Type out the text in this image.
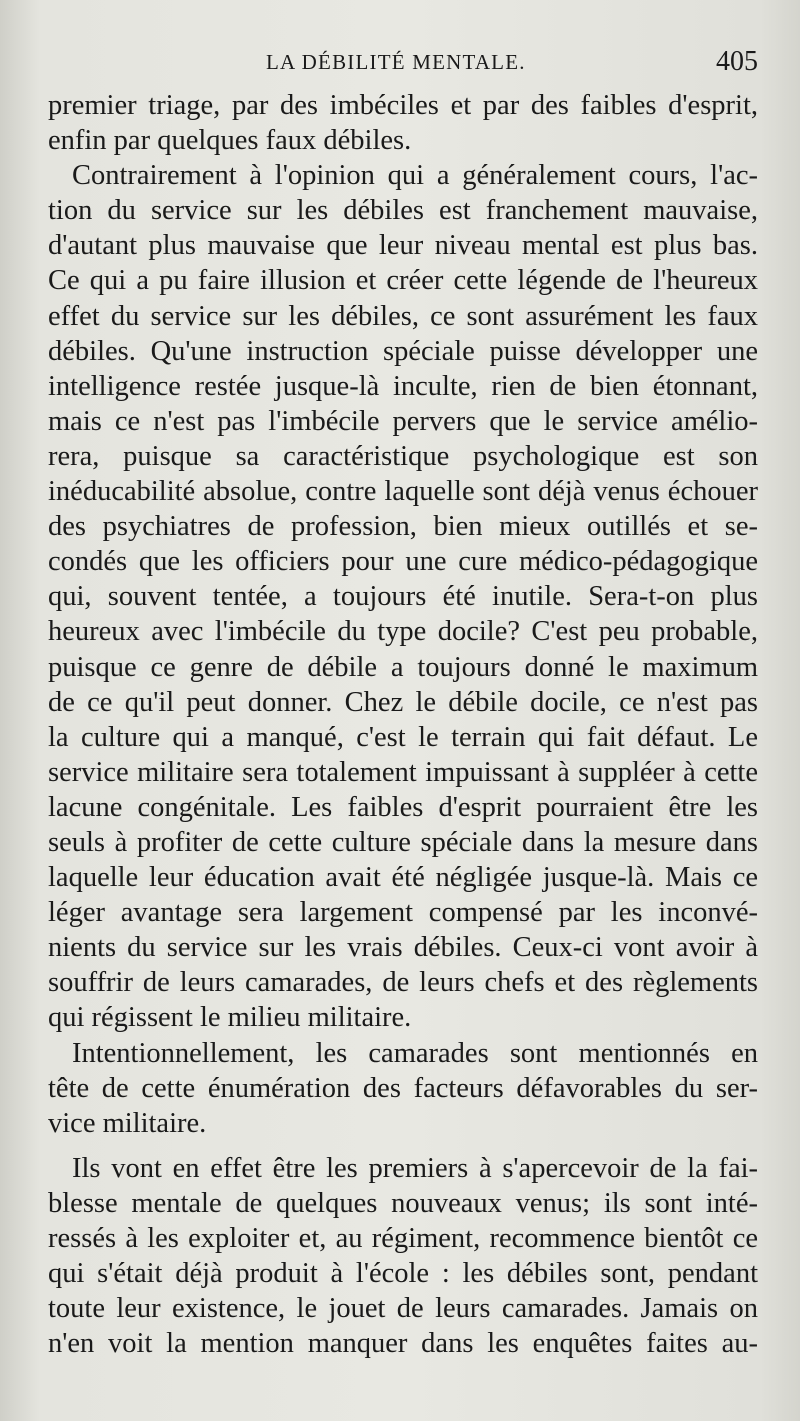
LA DÉBILITÉ MENTALE.	405
premier triage, par des imbéciles et par des faibles d'esprit,
enfin par quelques faux débiles.
Contrairement à l'opinion qui a généralement cours, l'ac-
tion du service sur les débiles est franchement mauvaise,
d'autant plus mauvaise que leur niveau mental est plus bas.
Ce qui a pu faire illusion et créer cette légende de l'heureux
effet du service sur les débiles, ce sont assurément les faux
débiles. Qu'une instruction spéciale puisse développer une
intelligence restée jusque-là inculte, rien de bien étonnant,
mais ce n'est pas l'imbécile pervers que le service amélio-
rera, puisque sa caractéristique psychologique est son
inéducabilité absolue, contre laquelle sont déjà venus échouer
des psychiatres de profession, bien mieux outillés et se-
condés que les officiers pour une cure médico-pédagogique
qui, souvent tentée, a toujours été inutile. Sera-t-on plus
heureux avec l'imbécile du type docile? C'est peu probable,
puisque ce genre de débile a toujours donné le maximum
de ce qu'il peut donner. Chez le débile docile, ce n'est pas
la culture qui a manqué, c'est le terrain qui fait défaut. Le
service militaire sera totalement impuissant à suppléer à cette
lacune congénitale. Les faibles d'esprit pourraient être les
seuls à profiter de cette culture spéciale dans la mesure dans
laquelle leur éducation avait été négligée jusque-là. Mais ce
léger avantage sera largement compensé par les inconvé-
nients du service sur les vrais débiles. Ceux-ci vont avoir à
souffrir de leurs camarades, de leurs chefs et des règlements
qui régissent le milieu militaire.
Intentionnellement, les camarades sont mentionnés en
tête de cette énumération des facteurs défavorables du ser-
vice militaire.
Ils vont en effet être les premiers à s'apercevoir de la fai-
blesse mentale de quelques nouveaux venus; ils sont inté-
ressés à les exploiter et, au régiment, recommence bientôt ce
qui s'était déjà produit à l'école : les débiles sont, pendant
toute leur existence, le jouet de leurs camarades. Jamais on
n'en voit la mention manquer dans les enquêtes faites au-
